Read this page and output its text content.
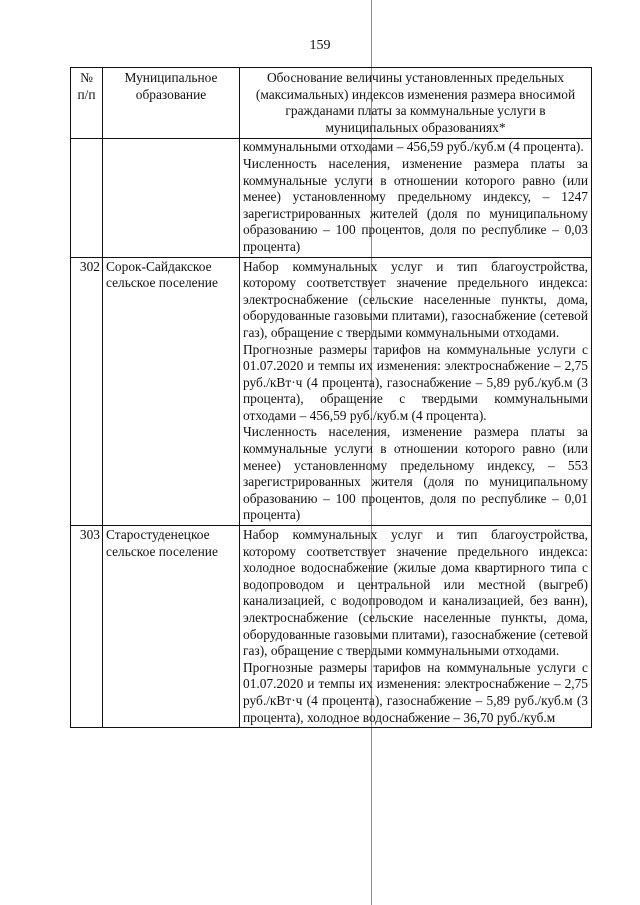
159
№ п/п	Муниципальное образование	Обоснование величины установленных предельных (максимальных) индексов изменения размера вносимой гражданами платы за коммунальные услуги в муниципальных образованиях*

		коммунальными отходами – 456,59 руб./куб.м (4 процента).

Численность населения, изменение размера платы за коммунальные услуги в отношении которого равно (или менее) установленному предельному индексу, – 1247 зарегистрированных жителей (доля по муниципальному образованию – 100 процентов, доля по республике – 0,03 процента)

302	Сорок-Сайдакское сельское поселение	Набор коммунальных услуг и тип благоустройства, которому соответствует значение предельного индекса: электроснабжение (сельские населенные пункты, дома, оборудованные газовыми плитами), газоснабжение (сетевой газ), обращение с твердыми коммунальными отходами.

Прогнозные размеры тарифов на коммунальные услуги с 01.07.2020 и темпы их изменения: электроснабжение – 2,75 руб./кВт·ч (4 процента), газоснабжение – 5,89 руб./куб.м (3 процента), обращение с твердыми коммунальными отходами – 456,59 руб./куб.м (4 процента).

Численность населения, изменение размера платы за коммунальные услуги в отношении которого равно (или менее) установленному предельному индексу, – 553 зарегистрированных жителя (доля по муниципальному образованию – 100 процентов, доля по республике – 0,01 процента)

303	Старостуденецкое сельское поселение	Набор коммунальных услуг и тип благоустройства, которому соответствует значение предельного индекса: холодное водоснабжение (жилые дома квартирного типа с водопроводом и центральной или местной (выгреб) канализацией, с водопроводом и канализацией, без ванн), электроснабжение (сельские населенные пункты, дома, оборудованные газовыми плитами), газоснабжение (сетевой газ), обращение с твердыми коммунальными отходами.

Прогнозные размеры тарифов на коммунальные услуги с 01.07.2020 и темпы их изменения: электроснабжение – 2,75 руб./кВт·ч (4 процента), газоснабжение – 5,89 руб./куб.м (3 процента), холодное водоснабжение – 36,70 руб./куб.м
